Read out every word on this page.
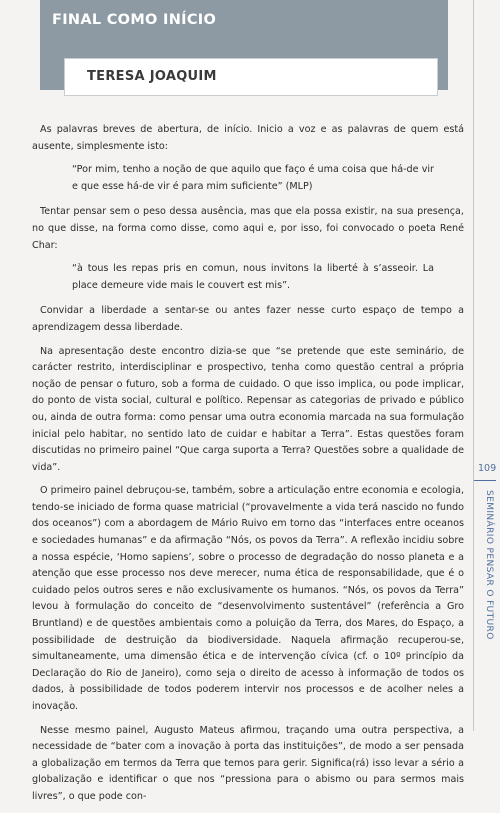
FINAL COMO INÍCIO
TERESA JOAQUIM

As palavras breves de abertura, de início. Inicio a voz e as palavras de quem está ausente, simplesmente isto:

“Por mim, tenho a noção de que aquilo que faço é uma coisa que há-de vir e que esse há-de vir é para mim suficiente” (MLP)

Tentar pensar sem o peso dessa ausência, mas que ela possa existir, na sua presença, no que disse, na forma como disse, como aqui e, por isso, foi convocado o poeta René Char:

“à tous les repas pris en comun, nous invitons la liberté à s’asseoir. La place demeure vide mais le couvert est mis”.

Convidar a liberdade a sentar-se ou antes fazer nesse curto espaço de tempo a aprendizagem dessa liberdade.

Na apresentação deste encontro dizia-se que “se pretende que este seminário, de carácter restrito, interdisciplinar e prospectivo, tenha como questão central a própria noção de pensar o futuro, sob a forma de cuidado. O que isso implica, ou pode implicar, do ponto de vista social, cultural e político. Repensar as categorias de privado e público ou, ainda de outra forma: como pensar uma outra economia marcada na sua formulação inicial pelo habitar, no sentido lato de cuidar e habitar a Terra”. Estas questões foram discutidas no primeiro painel “Que carga suporta a Terra? Questões sobre a qualidade de vida”.

O primeiro painel debruçou-se, também, sobre a articulação entre economia e ecologia, tendo-se iniciado de forma quase matricial (“provavelmente a vida terá nascido no fundo dos oceanos”) com a abordagem de Mário Ruivo em torno das “interfaces entre oceanos e sociedades humanas” e da afirmação “Nós, os povos da Terra”. A reflexão incidiu sobre a nossa espécie, ‘Homo sapiens’, sobre o processo de degradação do nosso planeta e a atenção que esse processo nos deve merecer, numa ética de responsabilidade, que é o cuidado pelos outros seres e não exclusivamente os humanos. “Nós, os povos da Terra” levou à formulação do conceito de “desenvolvimento sustentável” (referência a Gro Bruntland) e de questões ambientais como a poluição da Terra, dos Mares, do Espaço, a possibilidade de destruição da biodiversidade. Naquela afirmação recuperou-se, simultaneamente, uma dimensão ética e de intervenção cívica (cf. o 10º princípio da Declaração do Rio de Janeiro), como seja o direito de acesso à informação de todos os dados, à possibilidade de todos poderem intervir nos processos e de acolher neles a inovação.

Nesse mesmo painel, Augusto Mateus afirmou, traçando uma outra perspectiva, a necessidade de “bater com a inovação à porta das instituições”, de modo a ser pensada a globalização em termos da Terra que temos para gerir. Significa(rá) isso levar a sério a globalização e identificar o que nos “pressiona para o abismo ou para sermos mais livres”, o que pode con-

109
SEMINÁRIO PENSAR O FUTURO
